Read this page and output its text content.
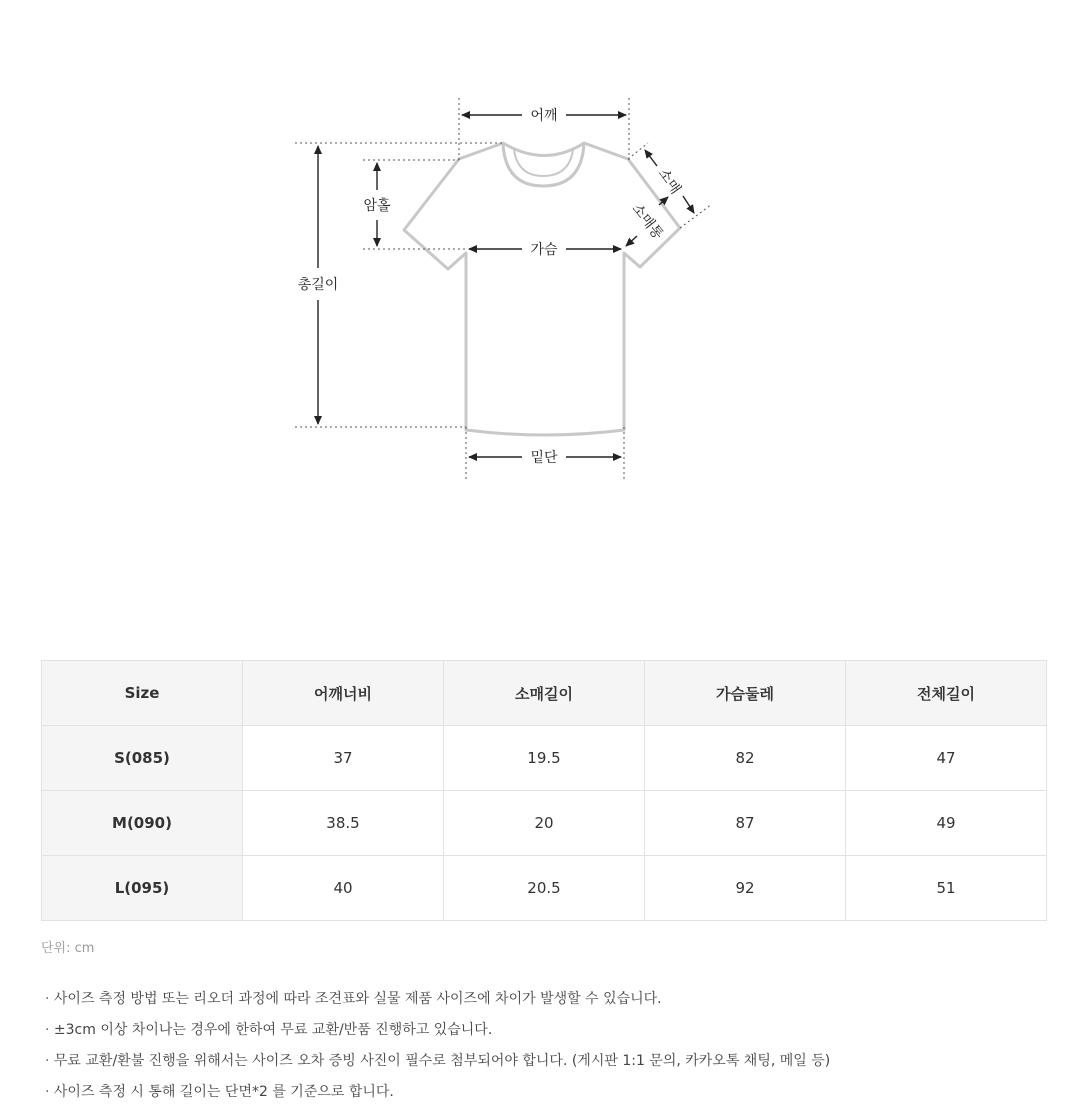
어깨
총길이
암홀
가슴
밑단
소매
소매통
Size	어깨너비	소매길이	가슴둘레	전체길이
S(085)	37	19.5	82	47
M(090)	38.5	20	87	49
L(095)	40	20.5	92	51
단위: cm
· 사이즈 측정 방법 또는 리오더 과정에 따라 조견표와 실물 제품 사이즈에 차이가 발생할 수 있습니다.
· ±3cm 이상 차이나는 경우에 한하여 무료 교환/반품 진행하고 있습니다.
· 무료 교환/환불 진행을 위해서는 사이즈 오차 증빙 사진이 필수로 첨부되어야 합니다. (게시판 1:1 문의, 카카오톡 채팅, 메일 등)
· 사이즈 측정 시 통해 길이는 단면*2 를 기준으로 합니다.
